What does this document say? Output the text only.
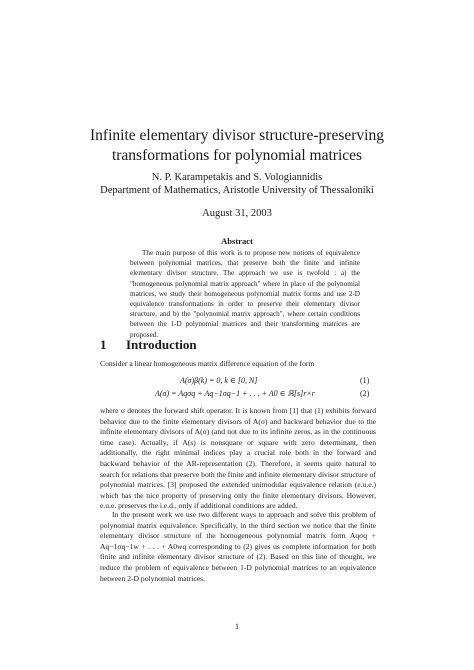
Infinite elementary divisor structure-preserving
transformations for polynomial matrices
N. P. Karampetakis and S. Vologiannidis
Department of Mathematics, Aristotle University of Thessaloniki
August 31, 2003
Abstract

The main purpose of this work is to propose new notions of equivalence between polynomial matrices, that preserve both the finite and infinite elementary divisor structure. The approach we use is twofold : a) the "homogeneous polynomial matrix approach" where in place of the polynomial matrices, we study their homogeneous polynomial matrix forms and use 2-D equivalence transformations in order to preserve their elementary divisor structure, and b) the "polynomial matrix approach", where certain conditions between the 1-D polynomial matrices and their transforming matrices are proposed.

1 Introduction

Consider a linear homogeneous matrix difference equation of the form

A(σ)β(k) = 0, k ∈ [0, N]	(1)
A(σ) = Aqσq + Aq−1σq−1 + . . . + A0 ∈ ℝ[s]r×r	(2)

where σ denotes the forward shift operator. It is known from [1] that (1) exhibits forward behavior due to the finite elementary divisors of A(σ) and backward behavior due to the infinite elementary divisors of A(σ) (and not due to its infinite zeros, as in the continuous time case). Actually, if A(s) is nonsquare or square with zero determinant, then additionally, the right minimal indices play a crucial role both in the forward and backward behavior of the AR-representation (2). Therefore, it seems quite natural to search for relations that preserve both the finite and infinite elementary divisor structure of polynomial matrices. [3] proposed the extended unimodular equivalence relation (e.u.e.) which has the nice property of preserving only the finite elementary divisors. However, e.u.e. preserves the i.e.d., only if additional conditions are added.

In the present work we use two different ways to approach and solve this problem of polynomial matrix equivalence. Specifically, in the third section we notice that the finite elementary divisor structure of the homogeneous polynomial matrix form Aqσq + Aq−1σq−1w + . . . + A0wq corresponding to (2) gives us complete information for both finite and infinite elementary divisor structure of (2). Based on this line of thought, we reduce the problem of equivalence between 1-D polynomial matrices to an equivalence between 2-D polynomial matrices.

1
